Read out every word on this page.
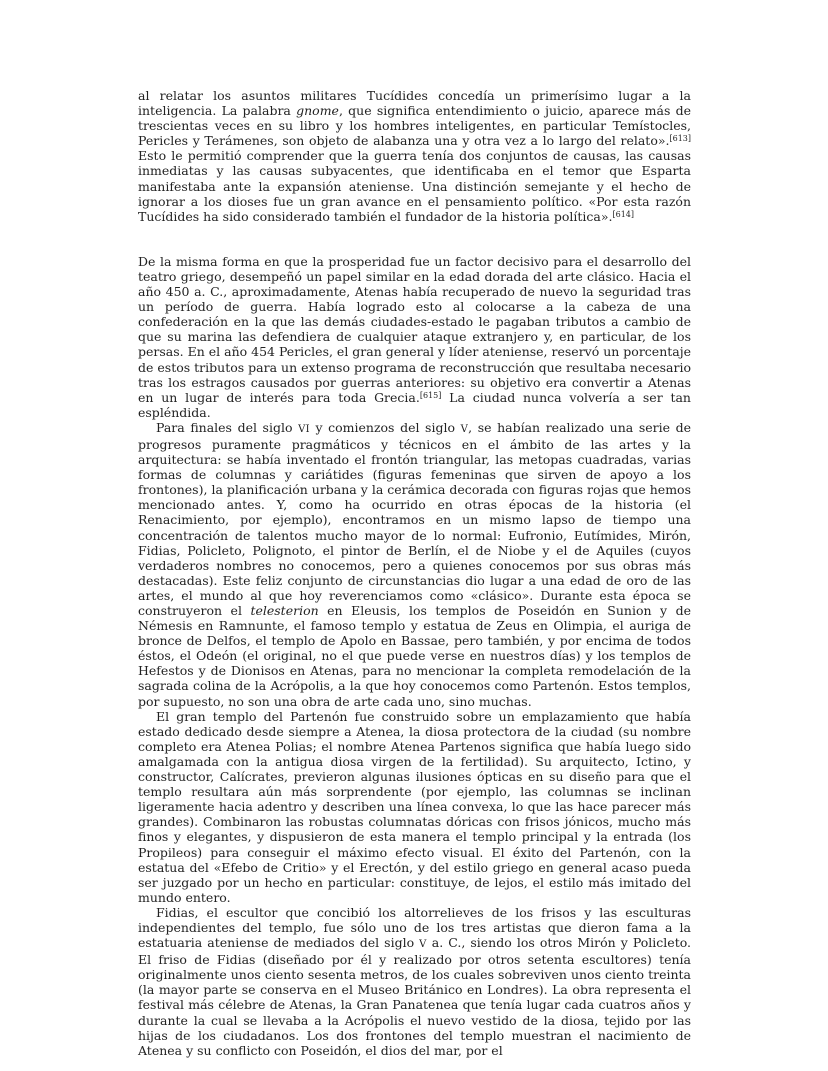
al relatar los asuntos militares Tucídides concedía un primerísimo lugar a la inteligencia. La palabra gnome, que significa entendimiento o juicio, aparece más de trescientas veces en su libro y los hombres inteligentes, en particular Temístocles, Pericles y Terámenes, son objeto de alabanza una y otra vez a lo largo del relato».[613] Esto le permitió comprender que la guerra tenía dos conjuntos de causas, las causas inmediatas y las causas subyacentes, que identificaba en el temor que Esparta manifestaba ante la expansión ateniense. Una distinción semejante y el hecho de ignorar a los dioses fue un gran avance en el pensamiento político. «Por esta razón Tucídides ha sido considerado también el fundador de la historia política».[614]

De la misma forma en que la prosperidad fue un factor decisivo para el desarrollo del teatro griego, desempeñó un papel similar en la edad dorada del arte clásico. Hacia el año 450 a. C., aproximadamente, Atenas había recuperado de nuevo la seguridad tras un período de guerra. Había logrado esto al colocarse a la cabeza de una confederación en la que las demás ciudades-estado le pagaban tributos a cambio de que su marina las defendiera de cualquier ataque extranjero y, en particular, de los persas. En el año 454 Pericles, el gran general y líder ateniense, reservó un porcentaje de estos tributos para un extenso programa de reconstrucción que resultaba necesario tras los estragos causados por guerras anteriores: su objetivo era convertir a Atenas en un lugar de interés para toda Grecia.[615] La ciudad nunca volvería a ser tan espléndida.

Para finales del siglo VI y comienzos del siglo V, se habían realizado una serie de progresos puramente pragmáticos y técnicos en el ámbito de las artes y la arquitectura: se había inventado el frontón triangular, las metopas cuadradas, varias formas de columnas y cariátides (figuras femeninas que sirven de apoyo a los frontones), la planificación urbana y la cerámica decorada con figuras rojas que hemos mencionado antes. Y, como ha ocurrido en otras épocas de la historia (el Renacimiento, por ejemplo), encontramos en un mismo lapso de tiempo una concentración de talentos mucho mayor de lo normal: Eufronio, Eutímides, Mirón, Fidias, Policleto, Polignoto, el pintor de Berlín, el de Niobe y el de Aquiles (cuyos verdaderos nombres no conocemos, pero a quienes conocemos por sus obras más destacadas). Este feliz conjunto de circunstancias dio lugar a una edad de oro de las artes, el mundo al que hoy reverenciamos como «clásico». Durante esta época se construyeron el telesterion en Eleusis, los templos de Poseidón en Sunion y de Némesis en Ramnunte, el famoso templo y estatua de Zeus en Olimpia, el auriga de bronce de Delfos, el templo de Apolo en Bassae, pero también, y por encima de todos éstos, el Odeón (el original, no el que puede verse en nuestros días) y los templos de Hefestos y de Dionisos en Atenas, para no mencionar la completa remodelación de la sagrada colina de la Acrópolis, a la que hoy conocemos como Partenón. Estos templos, por supuesto, no son una obra de arte cada uno, sino muchas.

El gran templo del Partenón fue construido sobre un emplazamiento que había estado dedicado desde siempre a Atenea, la diosa protectora de la ciudad (su nombre completo era Atenea Polias; el nombre Atenea Partenos significa que había luego sido amalgamada con la antigua diosa virgen de la fertilidad). Su arquitecto, Ictino, y constructor, Calícrates, previeron algunas ilusiones ópticas en su diseño para que el templo resultara aún más sorprendente (por ejemplo, las columnas se inclinan ligeramente hacia adentro y describen una línea convexa, lo que las hace parecer más grandes). Combinaron las robustas columnatas dóricas con frisos jónicos, mucho más finos y elegantes, y dispusieron de esta manera el templo principal y la entrada (los Propileos) para conseguir el máximo efecto visual. El éxito del Partenón, con la estatua del «Efebo de Critio» y el Erectón, y del estilo griego en general acaso pueda ser juzgado por un hecho en particular: constituye, de lejos, el estilo más imitado del mundo entero.

Fidias, el escultor que concibió los altorrelieves de los frisos y las esculturas independientes del templo, fue sólo uno de los tres artistas que dieron fama a la estatuaria ateniense de mediados del siglo V a. C., siendo los otros Mirón y Policleto. El friso de Fidias (diseñado por él y realizado por otros setenta escultores) tenía originalmente unos ciento sesenta metros, de los cuales sobreviven unos ciento treinta (la mayor parte se conserva en el Museo Británico en Londres). La obra representa el festival más célebre de Atenas, la Gran Panatenea que tenía lugar cada cuatros años y durante la cual se llevaba a la Acrópolis el nuevo vestido de la diosa, tejido por las hijas de los ciudadanos. Los dos frontones del templo muestran el nacimiento de Atenea y su conflicto con Poseidón, el dios del mar, por el
